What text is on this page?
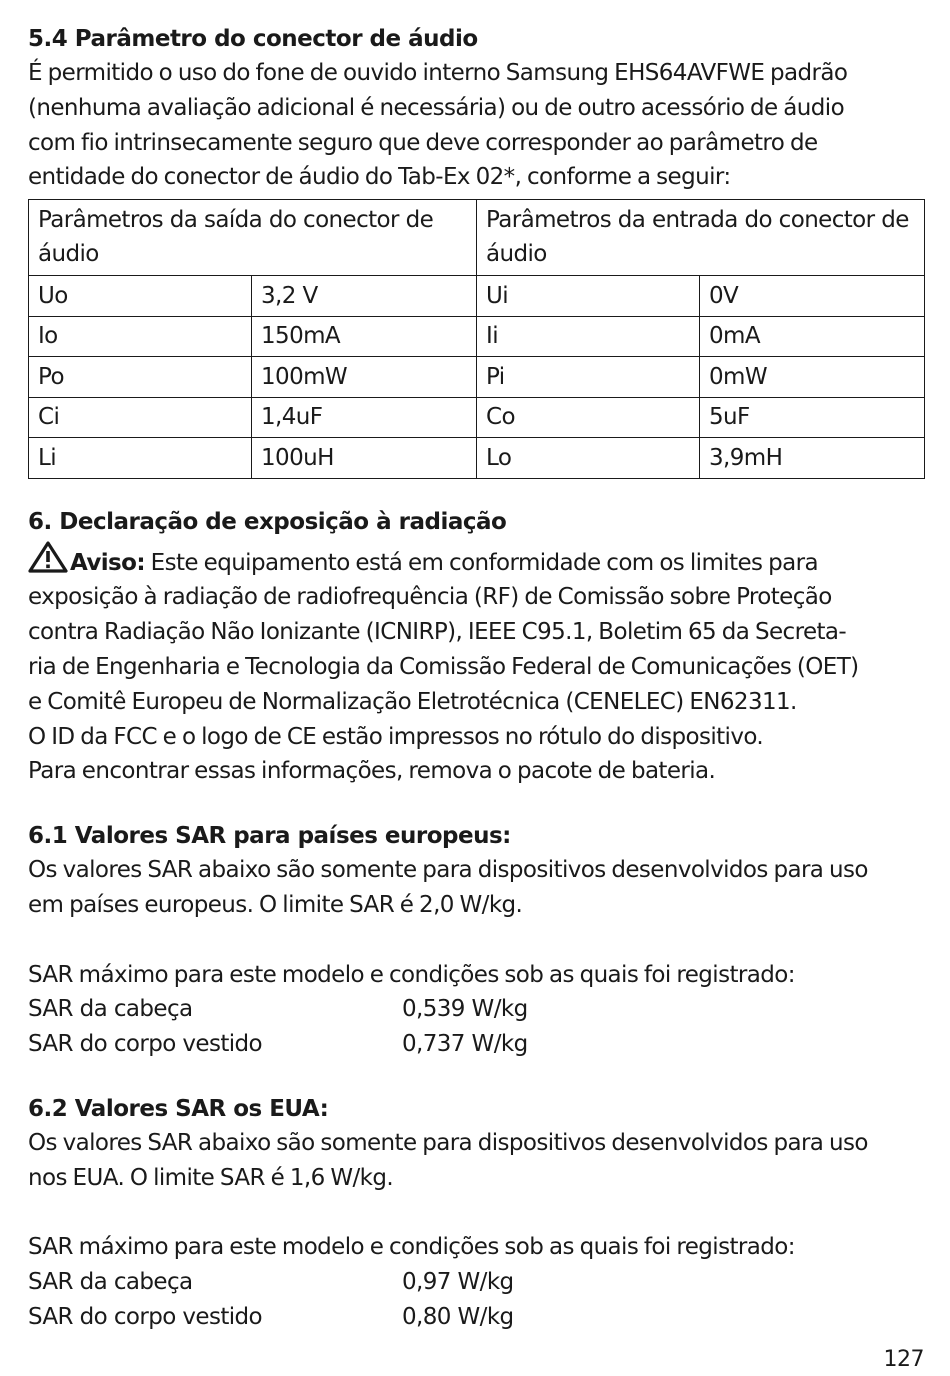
5.4 Parâmetro do conector de áudio

É permitido o uso do fone de ouvido interno Samsung EHS64AVFWE padrão
(nenhuma avaliação adicional é necessária) ou de outro acessório de áudio
com fio intrinsecamente seguro que deve corresponder ao parâmetro de
entidade do conector de áudio do Tab-Ex 02*, conforme a seguir:

Parâmetros da saída do conector de áudio		Parâmetros da entrada do conector de áudio	
Uo	3,2 V	Ui	0V
Io	150mA	Ii	0mA
Po	100mW	Pi	0mW
Ci	1,4uF	Co	5uF
Li	100uH	Lo	3,9mH
6. Declaração de exposição à radiação

Aviso: Este equipamento está em conformidade com os limites para
exposição à radiação de radiofrequência (RF) de Comissão sobre Proteção
contra Radiação Não Ionizante (ICNIRP), IEEE C95.1, Boletim 65 da Secreta-
ria de Engenharia e Tecnologia da Comissão Federal de Comunicações (OET)
e Comitê Europeu de Normalização Eletrotécnica (CENELEC) EN62311.
O ID da FCC e o logo de CE estão impressos no rótulo do dispositivo.
Para encontrar essas informações, remova o pacote de bateria.

6.1 Valores SAR para países europeus:

Os valores SAR abaixo são somente para dispositivos desenvolvidos para uso
em países europeus. O limite SAR é 2,0 W/kg.

SAR máximo para este modelo e condições sob as quais foi registrado:

SAR da cabeça	0,539 W/kg
SAR do corpo vestido	0,737 W/kg
6.2 Valores SAR os EUA:

Os valores SAR abaixo são somente para dispositivos desenvolvidos para uso
nos EUA. O limite SAR é 1,6 W/kg.

SAR máximo para este modelo e condições sob as quais foi registrado:

SAR da cabeça	0,97 W/kg
SAR do corpo vestido	0,80 W/kg
127
